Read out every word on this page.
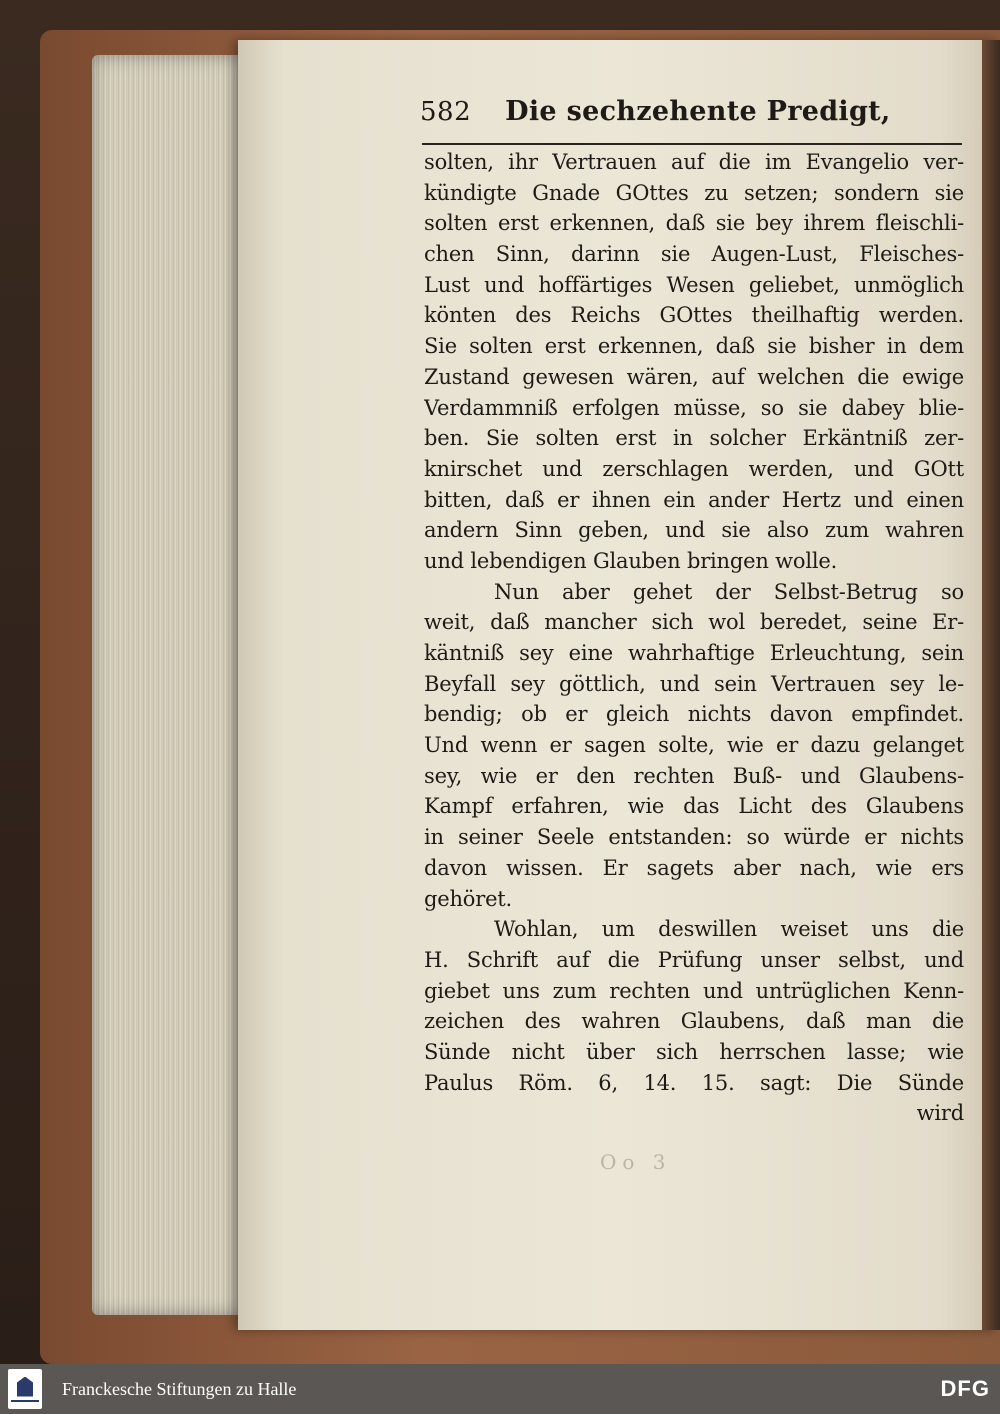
582 Die sechzehente Predigt,
solten, ihr Vertrauen auf die im Evangelio ver-
kündigte Gnade GOttes zu setzen; sondern sie
solten erst erkennen, daß sie bey ihrem fleischli-
chen Sinn, darinn sie Augen-Lust, Fleisches-
Lust und hoffärtiges Wesen geliebet, unmöglich
könten des Reichs GOttes theilhaftig werden.
Sie solten erst erkennen, daß sie bisher in dem
Zustand gewesen wären, auf welchen die ewige
Verdammniß erfolgen müsse, so sie dabey blie-
ben. Sie solten erst in solcher Erkäntniß zer-
knirschet und zerschlagen werden, und GOtt
bitten, daß er ihnen ein ander Hertz und einen
andern Sinn geben, und sie also zum wahren
und lebendigen Glauben bringen wolle.
Nun aber gehet der Selbst-Betrug so
weit, daß mancher sich wol beredet, seine Er-
käntniß sey eine wahrhaftige Erleuchtung, sein
Beyfall sey göttlich, und sein Vertrauen sey le-
bendig; ob er gleich nichts davon empfindet.
Und wenn er sagen solte, wie er dazu gelanget
sey, wie er den rechten Buß- und Glaubens-
Kampf erfahren, wie das Licht des Glaubens
in seiner Seele entstanden: so würde er nichts
davon wissen. Er sagets aber nach, wie ers
gehöret.
Wohlan, um deswillen weiset uns die
H. Schrift auf die Prüfung unser selbst, und
giebet uns zum rechten und untrüglichen Kenn-
zeichen des wahren Glaubens, daß man die
Sünde nicht über sich herrschen lasse; wie
Paulus Röm. 6, 14. 15. sagt: Die Sünde
wird
Oo 3
Franckesche Stiftungen zu Halle	DFG
